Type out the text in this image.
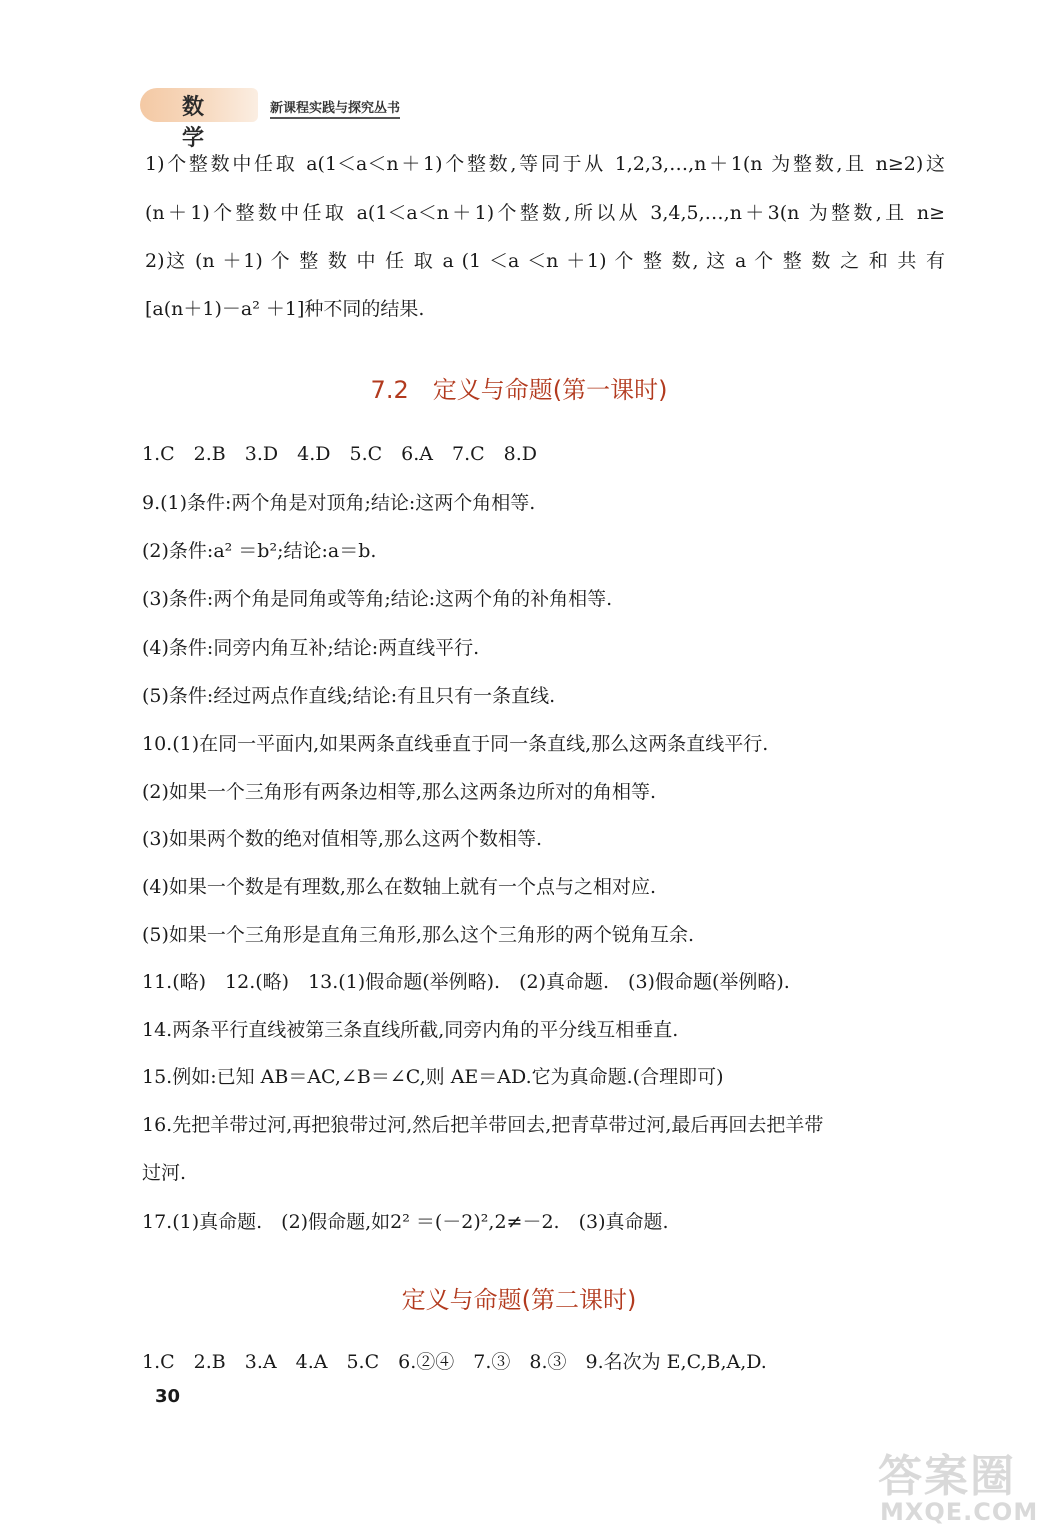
数学
新课程实践与探究丛书
1)个整数中任取 a(1＜a＜n＋1)个整数,等同于从 1,2,3,…,n＋1(n 为整数,且 n≥2)这
(n＋1)个整数中任取 a(1＜a＜n＋1)个整数,所以从 3,4,5,…,n＋3(n 为整数,且 n≥
2)这 (n ＋1) 个 整 数 中 任 取 a (1 ＜a ＜n ＋1) 个 整 数, 这 a 个 整 数 之 和 共 有
[a(n＋1)－a² ＋1]种不同的结果.
7.2　定义与命题(第一课时)
1.C　2.B　3.D　4.D　5.C　6.A　7.C　8.D
9.(1)条件:两个角是对顶角;结论:这两个角相等.
(2)条件:a² ＝b²;结论:a＝b.
(3)条件:两个角是同角或等角;结论:这两个角的补角相等.
(4)条件:同旁内角互补;结论:两直线平行.
(5)条件:经过两点作直线;结论:有且只有一条直线.
10.(1)在同一平面内,如果两条直线垂直于同一条直线,那么这两条直线平行.
(2)如果一个三角形有两条边相等,那么这两条边所对的角相等.
(3)如果两个数的绝对值相等,那么这两个数相等.
(4)如果一个数是有理数,那么在数轴上就有一个点与之相对应.
(5)如果一个三角形是直角三角形,那么这个三角形的两个锐角互余.
11.(略)　12.(略)　13.(1)假命题(举例略).　(2)真命题.　(3)假命题(举例略).
14.两条平行直线被第三条直线所截,同旁内角的平分线互相垂直.
15.例如:已知 AB＝AC,∠B＝∠C,则 AE＝AD.它为真命题.(合理即可)
16.先把羊带过河,再把狼带过河,然后把羊带回去,把青草带过河,最后再回去把羊带
过河.
17.(1)真命题.　(2)假命题,如2² ＝(－2)²,2≠－2.　(3)真命题.
定义与命题(第二课时)
1.C　2.B　3.A　4.A　5.C　6.②④　7.③　8.③　9.名次为 E,C,B,A,D.
30
答案圈
MXQE.COM
